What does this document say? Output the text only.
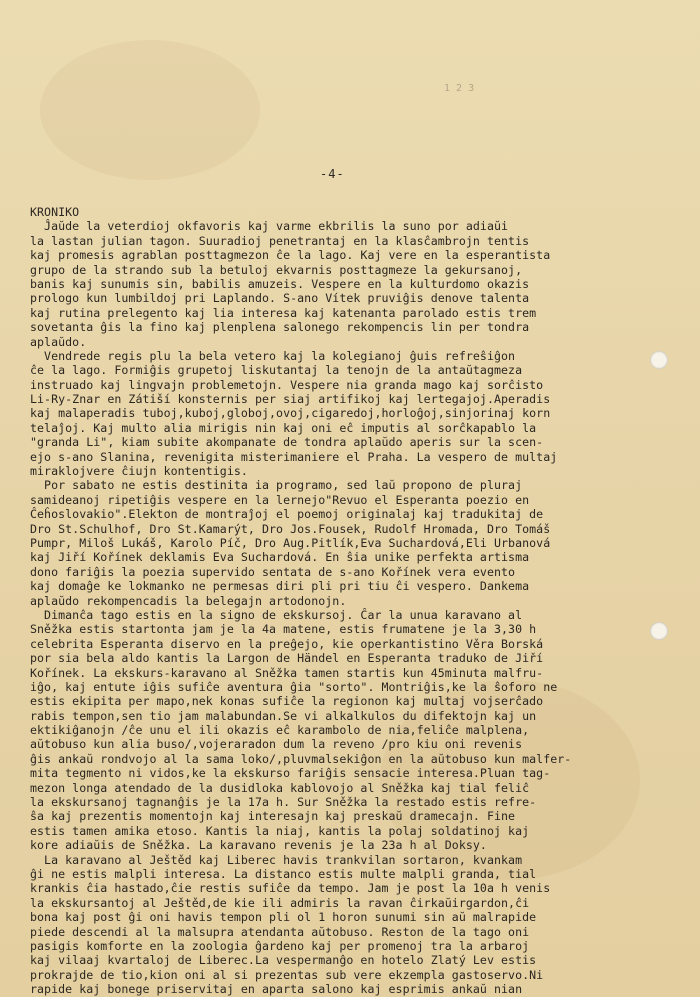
1 2 3
-4-
KRONIKO
Ĵaŭde la veterdioj okfavoris kaj varme ekbrilis la suno por adiaŭi
la lastan julian tagon. Suuradioj penetrantaj en la klasĉambrojn tentis
kaj promesis agrablan posttagmezon ĉe la lago. Kaj vere en la esperantista
grupo de la strando sub la betuloj ekvarnis posttagmeze la gekursanoj,
banis kaj sunumis sin, babilis amuzeis. Vespere en la kulturdomo okazis
prologo kun lumbildoj pri Laplando. S-ano Vítek pruviĝis denove talenta
kaj rutina prelegento kaj lia interesa kaj katenanta parolado estis trem
sovetanta ĝis la fino kaj plenplena salonego rekompencis lin per tondra
aplaŭdo.
Vendrede regis plu la bela vetero kaj la kolegianoj ĝuis refreŝiĝon
ĉe la lago. Formiĝis grupetoj liskutantaj la tenojn de la antaŭtagmeza
instruado kaj lingvajn problemetojn. Vespere nia granda mago kaj sorĉisto
Li-Ry-Znar en Zátiší konsternis per siaj artifikoj kaj lertegajoj.Aperadis
kaj malaperadis tuboj,kuboj,globoj,ovoj,cigaredoj,horloĝoj,sinjorinaj korn
telaĵoj. Kaj multo alia mirigis nin kaj oni eĉ imputis al sorĉkapablo la
"granda Li", kiam subite akompanate de tondra aplaŭdo aperis sur la scen-
ejo s-ano Slanina, revenigita misterimaniere el Praha. La vespero de multaj
miraklojvere ĉiujn kontentigis.
Por sabato ne estis destinita ia programo, sed laŭ propono de pluraj
samideanoj ripetiĝis vespere en la lernejo"Revuo el Esperanta poezio en
Ĉeĥoslovakio".Elekton de montraĵoj el poemoj originalaj kaj tradukitaj de
Dro St.Schulhof, Dro St.Kamarýt, Dro Jos.Fousek, Rudolf Hromada, Dro Tomáš
Pumpr, Miloš Lukáš, Karolo Píč, Dro Aug.Pitlík,Eva Suchardová,Eli Urbanová
kaj Jiří Kořínek deklamis Eva Suchardová. En ŝia unike perfekta artisma
dono fariĝis la poezia supervido sentata de s-ano Kořínek vera evento
kaj domaĝe ke lokmanko ne permesas diri pli pri tiu ĉi vespero. Dankema
aplaŭdo rekompencadis la belegajn artodonojn.
Dimanĉa tago estis en la signo de ekskursoj. Ĉar la unua karavano al
Sněžka estis startonta jam je la 4a matene, estis frumatene je la 3,30 h
celebrita Esperanta diservo en la preĝejo, kie operkantistino Věra Borská
por sia bela aldo kantis la Largon de Händel en Esperanta traduko de Jiří
Kořínek. La ekskurs-karavano al Sněžka tamen startis kun 45minuta malfru-
iĝo, kaj entute iĝis sufiĉe aventura ĝia "sorto". Montriĝis,ke la ŝoforo ne
estis ekipita per mapo,nek konas sufiĉe la regionon kaj multaj vojserĉado
rabis tempon,sen tio jam malabundan.Se vi alkalkulos du difektojn kaj un
ektikiĝanojn /ĉe unu el ili okazis eĉ karambolo de nia,feliĉe malplena,
aŭtobuso kun alia buso/,vojeraradon dum la reveno /pro kiu oni revenis
ĝis ankaŭ rondvojo al la sama loko/,pluvmalsekiĝon en la aŭtobuso kun malfer-
mita tegmento ni vidos,ke la ekskurso fariĝis sensacie interesa.Pluan tag-
mezon longa atendado de la dusidloka kablovojo al Sněžka kaj tial feliĉ
la ekskursanoj tagnanĝis je la 17a h. Sur Sněžka la restado estis refre-
ŝa kaj prezentis momentojn kaj interesajn kaj preskaŭ dramecajn. Fine
estis tamen amika etoso. Kantis la niaj, kantis la polaj soldatinoj kaj
kore adiaŭis de Sněžka. La karavano revenis je la 23a h al Doksy.
La karavano al Ještěd kaj Liberec havis trankvilan sortaron, kvankam
ĝi ne estis malpli interesa. La distanco estis multe malpli granda, tial
krankis ĉia hastado,ĉie restis sufiĉe da tempo. Jam je post la 10a h venis
la ekskursantoj al Ještěd,de kie ili admiris la ravan ĉirkaŭirgardon,ĉi
bona kaj post ĝi oni havis tempon pli ol 1 horon sunumi sin aŭ malrapide
piede descendi al la malsupra atendanta aŭtobuso. Reston de la tago oni
pasigis komforte en la zoologia ĝardeno kaj per promenoj tra la arbaroj
kaj vilaaj kvartaloj de Liberec.La vespermanĝo en hotelo Zlatý Lev estis
prokrajde de tio,kion oni al si prezentas sub vere ekzempla gastoservo.Ni
rapide kaj bonege priservitaj en aparta salono kaj esprimis ankaŭ nian
